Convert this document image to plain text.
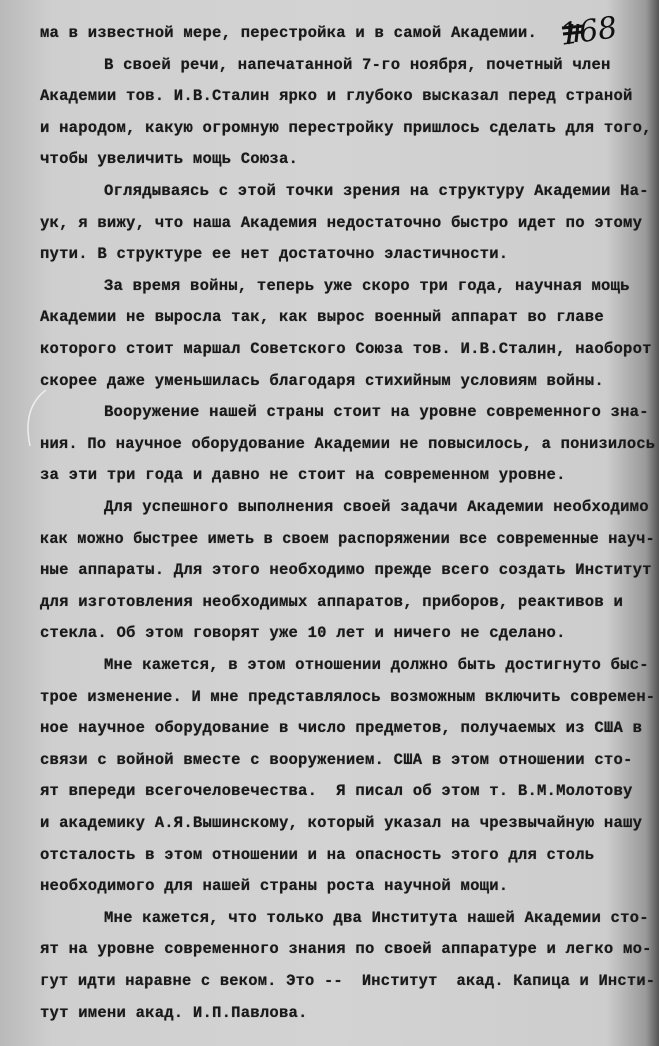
168
ма в известной мере, перестройка и в самой Академии.
В своей речи, напечатанной 7-го ноября, почетный член
Академии тов. И.В.Сталин ярко и глубоко высказал перед страной
и народом, какую огромную перестройку пришлось сделать для того,
чтобы увеличить мощь Союза.
Оглядываясь с этой точки зрения на структуру Академии На-
ук, я вижу, что наша Академия недостаточно быстро идет по этому
пути. В структуре ее нет достаточно эластичности.
За время войны, теперь уже скоро три года, научная мощь
Академии не выросла так, как вырос военный аппарат во главе
которого стоит маршал Советского Союза тов. И.В.Сталин, наоборот
скорее даже уменьшилась благодаря стихийным условиям войны.
Вооружение нашей страны стоит на уровне современного зна-
ния. По научное оборудование Академии не повысилось, а понизилось
за эти три года и давно не стоит на современном уровне.
Для успешного выполнения своей задачи Академии необходимо
как можно быстрее иметь в своем распоряжении все современные науч-
ные аппараты. Для этого необходимо прежде всего создать Институт
для изготовления необходимых аппаратов, приборов, реактивов и
стекла. Об этом говорят уже 10 лет и ничего не сделано.
Мне кажется, в этом отношении должно быть достигнуто быс-
трое изменение. И мне представлялось возможным включить современ-
ное научное оборудование в число предметов, получаемых из США в
связи с войной вместе с вооружением. США в этом отношении сто-
ят впереди всегочеловечества.  Я писал об этом т. В.М.Молотову
и академику А.Я.Вышинскому, который указал на чрезвычайную нашу
отсталость в этом отношении и на опасность этого для столь
необходимого для нашей страны роста научной мощи.
Мне кажется, что только два Института нашей Академии сто-
ят на уровне современного знания по своей аппаратуре и легко мо-
гут идти наравне с веком. Это --  Институт  акад. Капица и Инсти-
тут имени акад. И.П.Павлова.
